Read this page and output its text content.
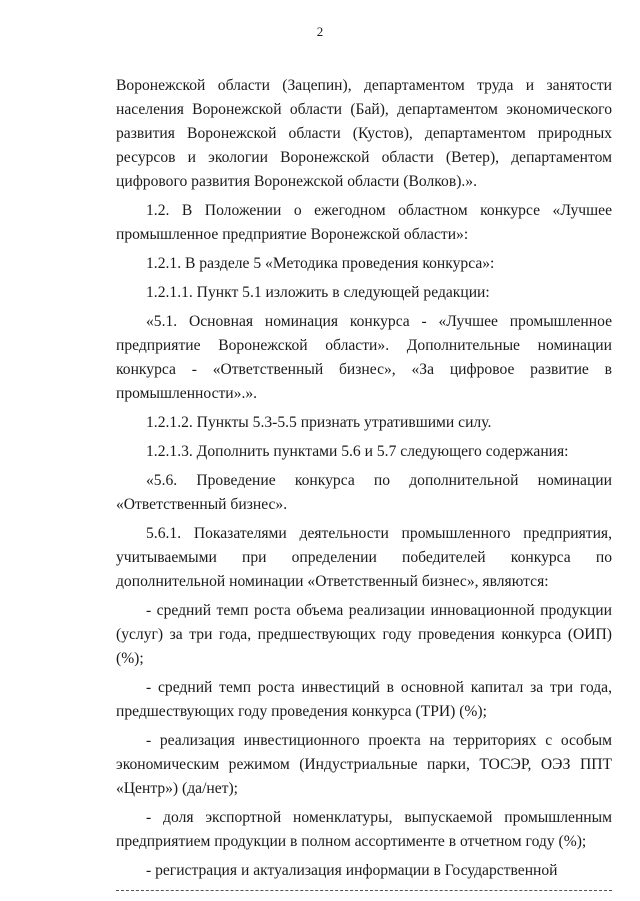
2

Воронежской области (Зацепин), департаментом труда и занятости населения Воронежской области (Бай), департаментом экономического развития Воронежской области (Кустов), департаментом природных ресурсов и экологии Воронежской области (Ветер), департаментом цифрового развития Воронежской области (Волков).».

1.2. В Положении о ежегодном областном конкурсе «Лучшее промышленное предприятие Воронежской области»:

1.2.1. В разделе 5 «Методика проведения конкурса»:

1.2.1.1. Пункт 5.1 изложить в следующей редакции:

«5.1. Основная номинация конкурса - «Лучшее промышленное предприятие Воронежской области». Дополнительные номинации конкурса - «Ответственный бизнес», «За цифровое развитие в промышленности».».

1.2.1.2. Пункты 5.3-5.5 признать утратившими силу.

1.2.1.3. Дополнить пунктами 5.6 и 5.7 следующего содержания:

«5.6. Проведение конкурса по дополнительной номинации «Ответственный бизнес».

5.6.1. Показателями деятельности промышленного предприятия, учитываемыми при определении победителей конкурса по дополнительной номинации «Ответственный бизнес», являются:

- средний темп роста объема реализации инновационной продукции (услуг) за три года, предшествующих году проведения конкурса (ОИП) (%);

- средний темп роста инвестиций в основной капитал за три года, предшествующих году проведения конкурса (ТРИ) (%);

- реализация инвестиционного проекта на территориях с особым экономическим режимом (Индустриальные парки, ТОСЭР, ОЭЗ ППТ «Центр») (да/нет);

- доля экспортной номенклатуры, выпускаемой промышленным предприятием продукции в полном ассортименте в отчетном году (%);

- регистрация и актуализация информации в Государственной
